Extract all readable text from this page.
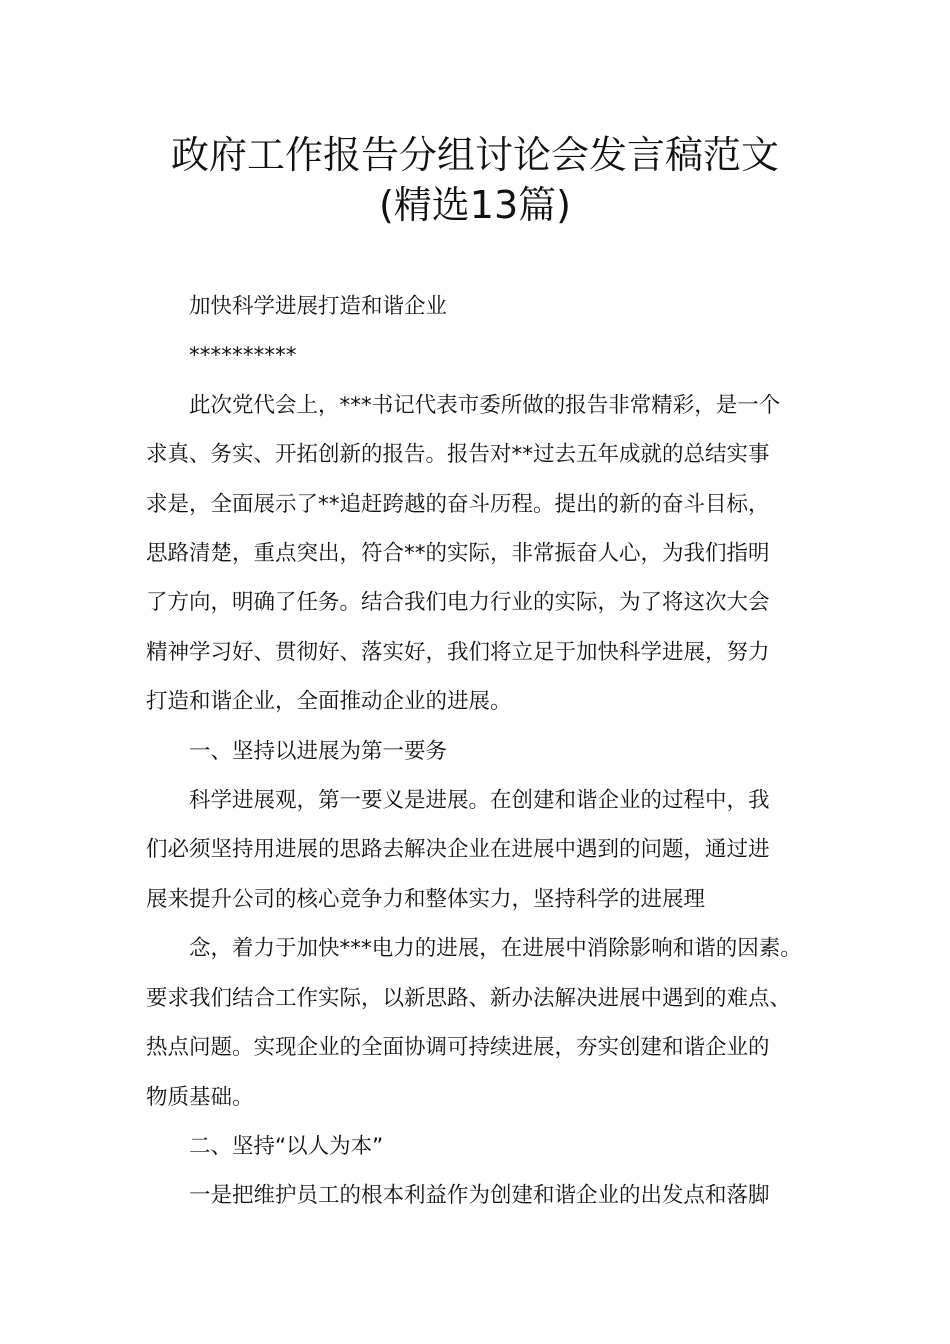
政府工作报告分组讨论会发言稿范文
(精选13篇)

加快科学进展打造和谐企业

**********

此次党代会上，***书记代表市委所做的报告非常精彩，是一个

求真、务实、开拓创新的报告。报告对**过去五年成就的总结实事

求是，全面展示了**追赶跨越的奋斗历程。提出的新的奋斗目标，

思路清楚，重点突出，符合**的实际，非常振奋人心，为我们指明

了方向，明确了任务。结合我们电力行业的实际，为了将这次大会

精神学习好、贯彻好、落实好，我们将立足于加快科学进展，努力

打造和谐企业，全面推动企业的进展。

一、坚持以进展为第一要务

科学进展观，第一要义是进展。在创建和谐企业的过程中，我

们必须坚持用进展的思路去解决企业在进展中遇到的问题，通过进

展来提升公司的核心竞争力和整体实力，坚持科学的进展理

念，着力于加快***电力的进展，在进展中消除影响和谐的因素。

要求我们结合工作实际，以新思路、新办法解决进展中遇到的难点、

热点问题。实现企业的全面协调可持续进展，夯实创建和谐企业的

物质基础。

二、坚持“以人为本”

一是把维护员工的根本利益作为创建和谐企业的出发点和落脚
